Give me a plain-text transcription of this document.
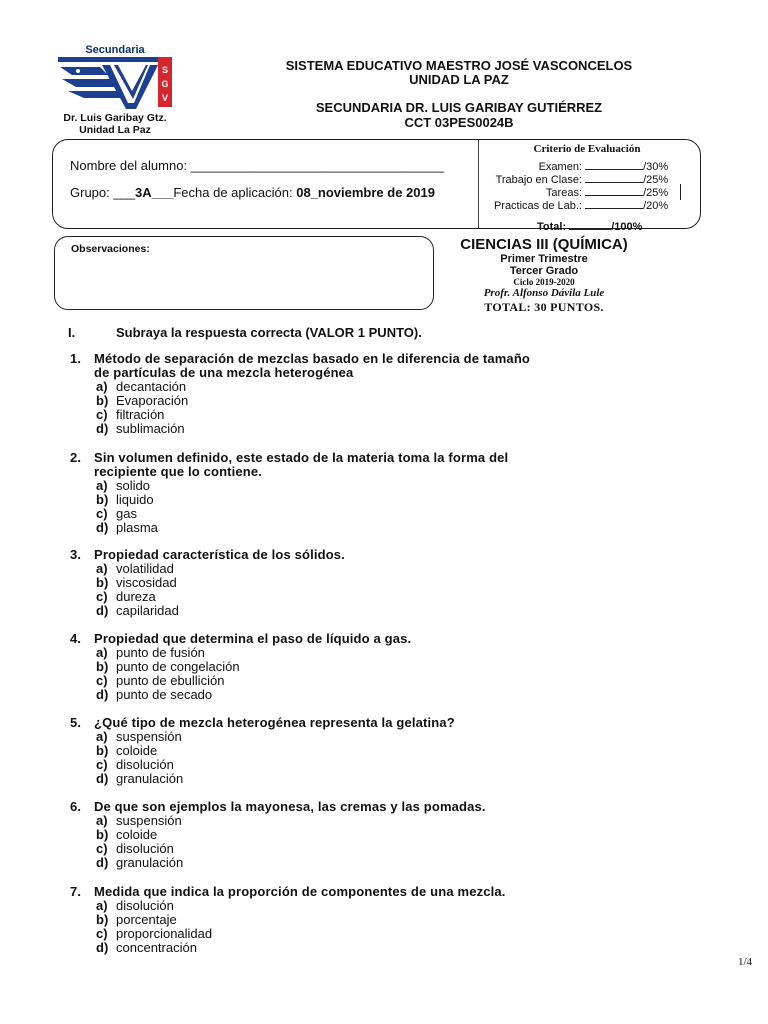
Secundaria
S
G
V
Dr. Luis Garibay Gtz.
Unidad La Paz
SISTEMA EDUCATIVO MAESTRO JOSÉ VASCONCELOS
UNIDAD LA PAZ
SECUNDARIA DR. LUIS GARIBAY GUTIÉRREZ
CCT 03PES0024B
Nombre del alumno: ___________________________________
Grupo: ___3A___Fecha de aplicación: 08_noviembre de 2019
Criterio de Evaluación
Examen:	/30%
Trabajo en Clase:	/25%
Tareas:	/25%
Practicas de Lab.:	/20%
Total:	/100%
Observaciones:	CIENCIAS III (QUÍMICA)
Primer Trimestre
Tercer Grado
Ciclo 2019-2020
Profr. Alfonso Dávila Lule
TOTAL: 30 PUNTOS.
I.	Subraya la respuesta correcta (VALOR 1 PUNTO).
1. Método de separación de mezclas basado en le diferencia de tamaño
de partículas de una mezcla heterogénea
a) decantación
b) Evaporación
c) filtración
d) sublimación
2. Sin volumen definido, este estado de la materia toma la forma del
recipiente que lo contiene.
a) solido
b) liquido
c) gas
d) plasma
3. Propiedad característica de los sólidos.
a) volatilidad
b) viscosidad
c) dureza
d) capilaridad
4. Propiedad que determina el paso de líquido a gas.
a) punto de fusión
b) punto de congelación
c) punto de ebullición
d) punto de secado
5. ¿Qué tipo de mezcla heterogénea representa la gelatina?
a) suspensión
b) coloide
c) disolución
d) granulación
6. De que son ejemplos la mayonesa, las cremas y las pomadas.
a) suspensión
b) coloide
c) disolución
d) granulación
7. Medida que indica la proporción de componentes de una mezcla.
a) disolución
b) porcentaje
c) proporcionalidad
d) concentración
1/4
